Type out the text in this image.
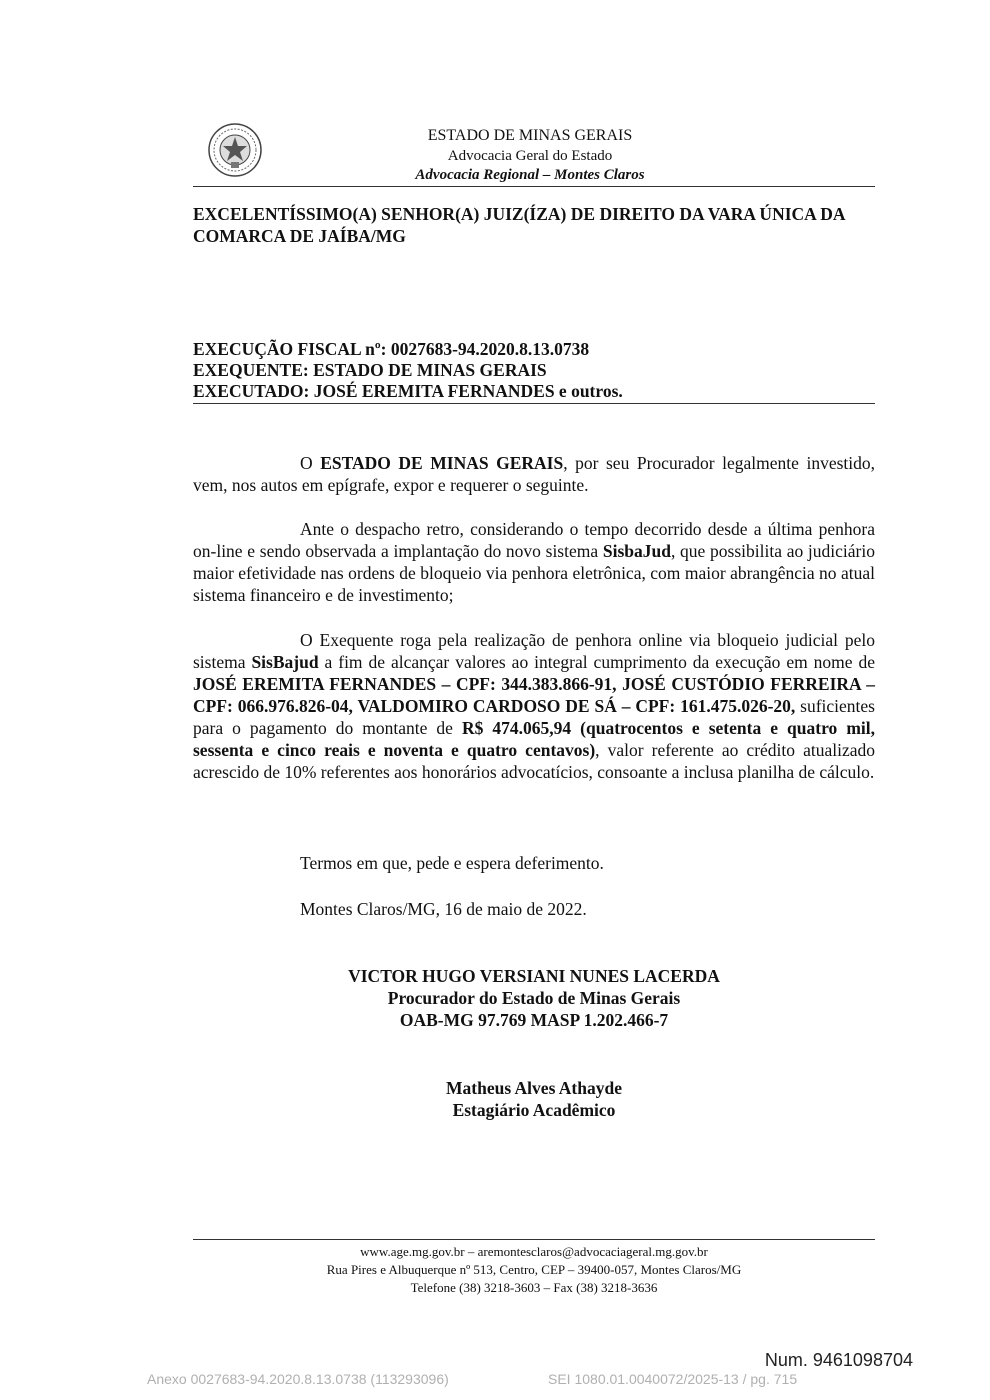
ESTADO DE MINAS GERAIS
Advocacia Geral do Estado
Advocacia Regional – Montes Claros
EXCELENTÍSSIMO(A) SENHOR(A) JUIZ(ÍZA) DE DIREITO DA VARA ÚNICA DA COMARCA DE JAÍBA/MG
EXECUÇÃO FISCAL nº: 0027683-94.2020.8.13.0738
EXEQUENTE: ESTADO DE MINAS GERAIS
EXECUTADO: JOSÉ EREMITA FERNANDES e outros.
O ESTADO DE MINAS GERAIS, por seu Procurador legalmente investido, vem, nos autos em epígrafe, expor e requerer o seguinte.
Ante o despacho retro, considerando o tempo decorrido desde a última penhora on-line e sendo observada a implantação do novo sistema SisbaJud, que possibilita ao judiciário maior efetividade nas ordens de bloqueio via penhora eletrônica, com maior abrangência no atual sistema financeiro e de investimento;
O Exequente roga pela realização de penhora online via bloqueio judicial pelo sistema SisBajud a fim de alcançar valores ao integral cumprimento da execução em nome de JOSÉ EREMITA FERNANDES – CPF: 344.383.866-91, JOSÉ CUSTÓDIO FERREIRA – CPF: 066.976.826-04, VALDOMIRO CARDOSO DE SÁ – CPF: 161.475.026-20, suficientes para o pagamento do montante de R$ 474.065,94 (quatrocentos e setenta e quatro mil, sessenta e cinco reais e noventa e quatro centavos), valor referente ao crédito atualizado acrescido de 10% referentes aos honorários advocatícios, consoante a inclusa planilha de cálculo.
Termos em que, pede e espera deferimento.
Montes Claros/MG, 16 de maio de 2022.
VICTOR HUGO VERSIANI NUNES LACERDA
Procurador do Estado de Minas Gerais
OAB-MG 97.769 MASP 1.202.466-7
Matheus Alves Athayde
Estagiário Acadêmico
www.age.mg.gov.br – aremontesclaros@advocaciageral.mg.gov.br
Rua Pires e Albuquerque nº 513, Centro, CEP – 39400-057, Montes Claros/MG
Telefone (38) 3218-3603 – Fax (38) 3218-3636
Num. 9461098704
Anexo 0027683-94.2020.8.13.0738 (113293096)	SEI 1080.01.0040072/2025-13 / pg. 715
